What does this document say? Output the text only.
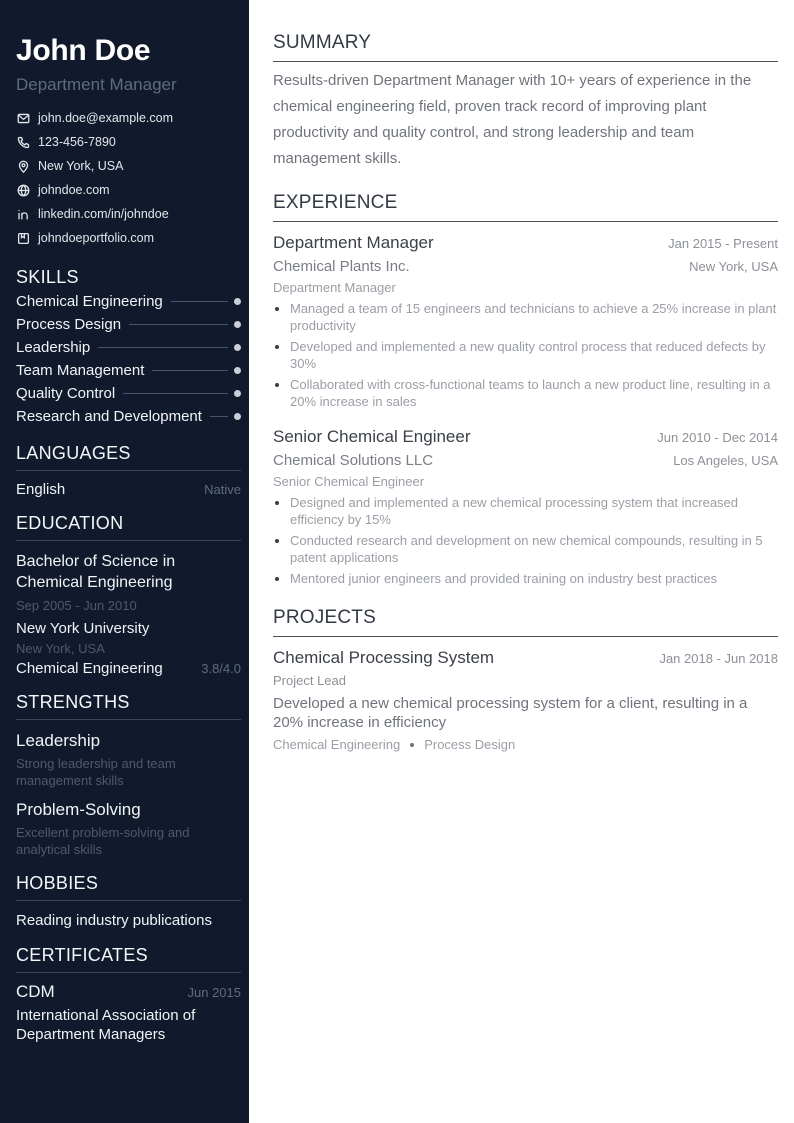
John Doe
Department Manager
john.doe@example.com
123-456-7890
New York, USA
johndoe.com
linkedin.com/in/johndoe
johndoeportfolio.com
SKILLS
Chemical Engineering
Process Design
Leadership
Team Management
Quality Control
Research and Development
LANGUAGES
English	Native
EDUCATION
Bachelor of Science in Chemical Engineering
Sep 2005 - Jun 2010
New York University
New York, USA
Chemical Engineering	3.8/4.0
STRENGTHS
Leadership
Strong leadership and team management skills
Problem-Solving
Excellent problem-solving and analytical skills
HOBBIES
Reading industry publications
CERTIFICATES
CDM	Jun 2015
International Association of Department Managers
SUMMARY

Results-driven Department Manager with 10+ years of experience in the chemical engineering field, proven track record of improving plant productivity and quality control, and strong leadership and team management skills.

EXPERIENCE
Department Manager	Jan 2015 - Present
Chemical Plants Inc.	New York, USA
Department Manager
Managed a team of 15 engineers and technicians to achieve a 25% increase in plant productivity
Developed and implemented a new quality control process that reduced defects by 30%
Collaborated with cross-functional teams to launch a new product line, resulting in a 20% increase in sales
Senior Chemical Engineer	Jun 2010 - Dec 2014
Chemical Solutions LLC	Los Angeles, USA
Senior Chemical Engineer
Designed and implemented a new chemical processing system that increased efficiency by 15%
Conducted research and development on new chemical compounds, resulting in 5 patent applications
Mentored junior engineers and provided training on industry best practices
PROJECTS
Chemical Processing System	Jan 2018 - Jun 2018
Project Lead
Developed a new chemical processing system for a client, resulting in a 20% increase in efficiency
Chemical Engineering Process Design
